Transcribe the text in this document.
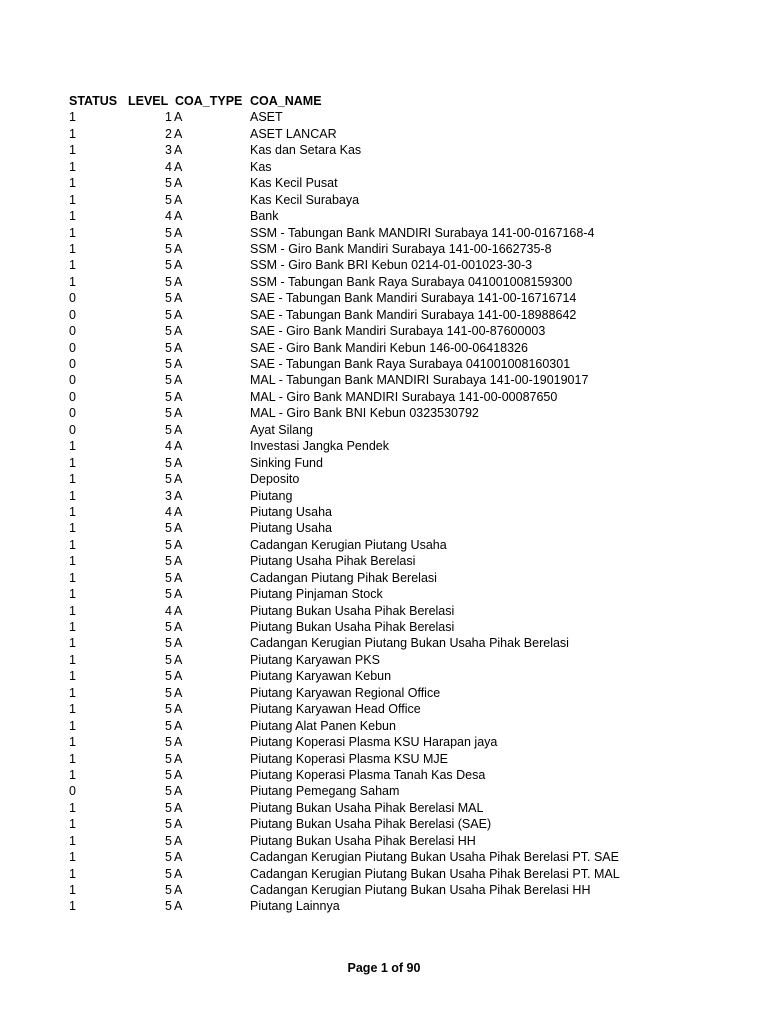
STATUS LEVEL COA_TYPE COA_NAME
1	1 A	ASET
1	2 A	ASET LANCAR
1	3 A	Kas dan Setara Kas
1	4 A	Kas
1	5 A	Kas Kecil Pusat
1	5 A	Kas Kecil Surabaya
1	4 A	Bank
1	5 A	SSM - Tabungan Bank MANDIRI Surabaya 141-00-0167168-4
1	5 A	SSM - Giro Bank Mandiri Surabaya 141-00-1662735-8
1	5 A	SSM - Giro Bank BRI Kebun 0214-01-001023-30-3
1	5 A	SSM - Tabungan Bank Raya Surabaya 041001008159300
0	5 A	SAE - Tabungan Bank Mandiri Surabaya 141-00-16716714
0	5 A	SAE - Tabungan Bank Mandiri Surabaya 141-00-18988642
0	5 A	SAE - Giro Bank Mandiri Surabaya 141-00-87600003
0	5 A	SAE - Giro Bank Mandiri Kebun 146-00-06418326
0	5 A	SAE - Tabungan Bank Raya Surabaya 041001008160301
0	5 A	MAL - Tabungan Bank MANDIRI Surabaya 141-00-19019017
0	5 A	MAL - Giro Bank MANDIRI Surabaya 141-00-00087650
0	5 A	MAL - Giro Bank BNI Kebun 0323530792
0	5 A	Ayat Silang
1	4 A	Investasi Jangka Pendek
1	5 A	Sinking Fund
1	5 A	Deposito
1	3 A	Piutang
1	4 A	Piutang Usaha
1	5 A	Piutang Usaha
1	5 A	Cadangan Kerugian Piutang Usaha
1	5 A	Piutang Usaha Pihak Berelasi
1	5 A	Cadangan Piutang Pihak Berelasi
1	5 A	Piutang Pinjaman Stock
1	4 A	Piutang Bukan Usaha Pihak Berelasi
1	5 A	Piutang Bukan Usaha Pihak Berelasi
1	5 A	Cadangan Kerugian Piutang Bukan Usaha Pihak Berelasi
1	5 A	Piutang Karyawan PKS
1	5 A	Piutang Karyawan Kebun
1	5 A	Piutang Karyawan Regional Office
1	5 A	Piutang Karyawan Head Office
1	5 A	Piutang Alat Panen Kebun
1	5 A	Piutang Koperasi Plasma KSU Harapan jaya
1	5 A	Piutang Koperasi Plasma KSU MJE
1	5 A	Piutang Koperasi Plasma Tanah Kas Desa
0	5 A	Piutang Pemegang Saham
1	5 A	Piutang Bukan Usaha Pihak Berelasi MAL
1	5 A	Piutang Bukan Usaha Pihak Berelasi (SAE)
1	5 A	Piutang Bukan Usaha Pihak Berelasi HH
1	5 A	Cadangan Kerugian Piutang Bukan Usaha Pihak Berelasi PT. SAE
1	5 A	Cadangan Kerugian Piutang Bukan Usaha Pihak Berelasi PT. MAL
1	5 A	Cadangan Kerugian Piutang Bukan Usaha Pihak Berelasi HH
1	5 A	Piutang Lainnya
Page 1 of 90
